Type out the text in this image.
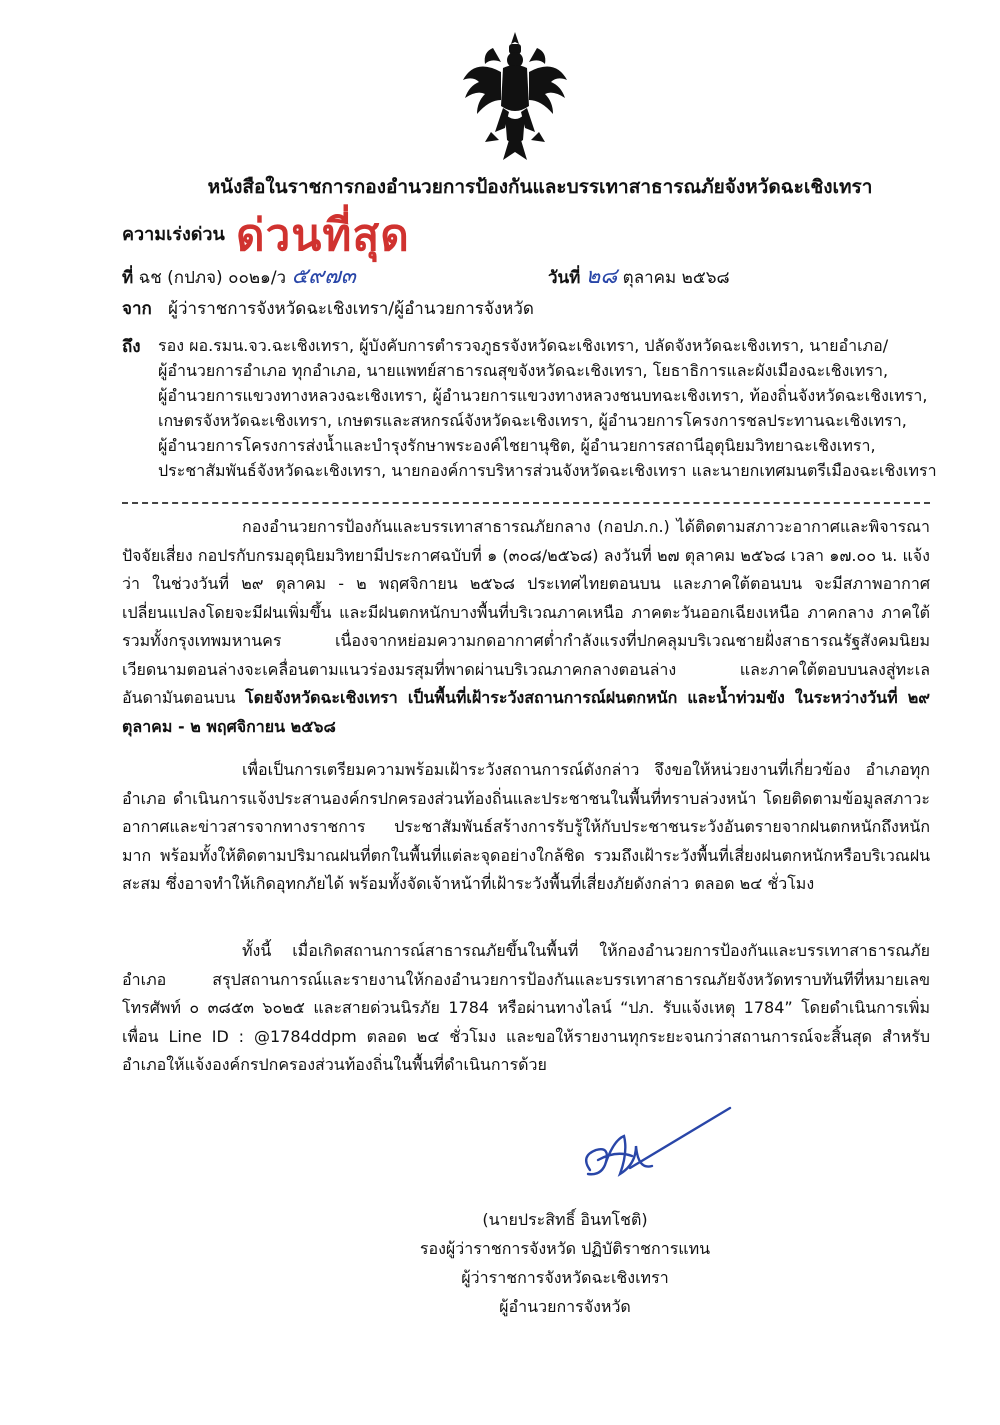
หนังสือในราชการกองอำนวยการป้องกันและบรรเทาสาธารณภัยจังหวัดฉะเชิงเทรา
ความเร่งด่วน ด่วนที่สุด
ที่ ฉช (กปภจ) ๐๐๒๑/ว ๕๙๗๓	วันที่ ๒๘ ตุลาคม ๒๕๖๘
จาก ผู้ว่าราชการจังหวัดฉะเชิงเทรา/ผู้อำนวยการจังหวัด
ถึง รอง ผอ.รมน.จว.ฉะเชิงเทรา, ผู้บังคับการตำรวจภูธรจังหวัดฉะเชิงเทรา, ปลัดจังหวัดฉะเชิงเทรา, นายอำเภอ/
ผู้อำนวยการอำเภอ ทุกอำเภอ, นายแพทย์สาธารณสุขจังหวัดฉะเชิงเทรา, โยธาธิการและผังเมืองฉะเชิงเทรา,
ผู้อำนวยการแขวงทางหลวงฉะเชิงเทรา, ผู้อำนวยการแขวงทางหลวงชนบทฉะเชิงเทรา, ท้องถิ่นจังหวัดฉะเชิงเทรา,
เกษตรจังหวัดฉะเชิงเทรา, เกษตรและสหกรณ์จังหวัดฉะเชิงเทรา, ผู้อำนวยการโครงการชลประทานฉะเชิงเทรา,
ผู้อำนวยการโครงการส่งน้ำและบำรุงรักษาพระองค์ไชยานุชิต, ผู้อำนวยการสถานีอุตุนิยมวิทยาฉะเชิงเทรา,
ประชาสัมพันธ์จังหวัดฉะเชิงเทรา, นายกองค์การบริหารส่วนจังหวัดฉะเชิงเทรา และนายกเทศมนตรีเมืองฉะเชิงเทรา
กองอำนวยการป้องกันและบรรเทาสาธารณภัยกลาง (กอปภ.ก.) ได้ติดตามสภาวะอากาศและพิจารณาปัจจัยเสี่ยง กอปรกับกรมอุตุนิยมวิทยามีประกาศฉบับที่ ๑ (๓๐๘/๒๕๖๘) ลงวันที่ ๒๗ ตุลาคม ๒๕๖๘ เวลา ๑๗.๐๐ น. แจ้งว่า ในช่วงวันที่ ๒๙ ตุลาคม - ๒ พฤศจิกายน ๒๕๖๘ ประเทศไทยตอนบน และภาคใต้ตอนบน จะมีสภาพอากาศเปลี่ยนแปลงโดยจะมีฝนเพิ่มขึ้น และมีฝนตกหนักบางพื้นที่บริเวณภาคเหนือ ภาคตะวันออกเฉียงเหนือ ภาคกลาง ภาคใต้ รวมทั้งกรุงเทพมหานคร เนื่องจากหย่อมความกดอากาศต่ำกำลังแรงที่ปกคลุมบริเวณชายฝั่งสาธารณรัฐสังคมนิยมเวียดนามตอนล่างจะเคลื่อนตามแนวร่องมรสุมที่พาดผ่านบริเวณภาคกลางตอนล่าง และภาคใต้ตอบบนลงสู่ทะเลอันดามันตอนบน โดยจังหวัดฉะเชิงเทรา เป็นพื้นที่เฝ้าระวังสถานการณ์ฝนตกหนัก และน้ำท่วมขัง ในระหว่างวันที่ ๒๙ ตุลาคม - ๒ พฤศจิกายน ๒๕๖๘
เพื่อเป็นการเตรียมความพร้อมเฝ้าระวังสถานการณ์ดังกล่าว จึงขอให้หน่วยงานที่เกี่ยวข้อง อำเภอทุกอำเภอ ดำเนินการแจ้งประสานองค์กรปกครองส่วนท้องถิ่นและประชาชนในพื้นที่ทราบล่วงหน้า โดยติดตามข้อมูลสภาวะอากาศและข่าวสารจากทางราชการ ประชาสัมพันธ์สร้างการรับรู้ให้กับประชาชนระวังอันตรายจากฝนตกหนักถึงหนักมาก พร้อมทั้งให้ติดตามปริมาณฝนที่ตกในพื้นที่แต่ละจุดอย่างใกล้ชิด รวมถึงเฝ้าระวังพื้นที่เสี่ยงฝนตกหนักหรือบริเวณฝนสะสม ซึ่งอาจทำให้เกิดอุทกภัยได้ พร้อมทั้งจัดเจ้าหน้าที่เฝ้าระวังพื้นที่เสี่ยงภัยดังกล่าว ตลอด ๒๔ ชั่วโมง
ทั้งนี้ เมื่อเกิดสถานการณ์สาธารณภัยขึ้นในพื้นที่ ให้กองอำนวยการป้องกันและบรรเทาสาธารณภัยอำเภอ สรุปสถานการณ์และรายงานให้กองอำนวยการป้องกันและบรรเทาสาธารณภัยจังหวัดทราบทันทีที่หมายเลขโทรศัพท์ ๐ ๓๘๕๓ ๖๐๒๕ และสายด่วนนิรภัย 1784 หรือผ่านทางไลน์ “ปภ. รับแจ้งเหตุ 1784” โดยดำเนินการเพิ่มเพื่อน Line ID : @1784ddpm ตลอด ๒๔ ชั่วโมง และขอให้รายงานทุกระยะจนกว่าสถานการณ์จะสิ้นสุด สำหรับอำเภอให้แจ้งองค์กรปกครองส่วนท้องถิ่นในพื้นที่ดำเนินการด้วย
(นายประสิทธิ์ อินทโชติ)
รองผู้ว่าราชการจังหวัด ปฏิบัติราชการแทน
ผู้ว่าราชการจังหวัดฉะเชิงเทรา
ผู้อำนวยการจังหวัด
